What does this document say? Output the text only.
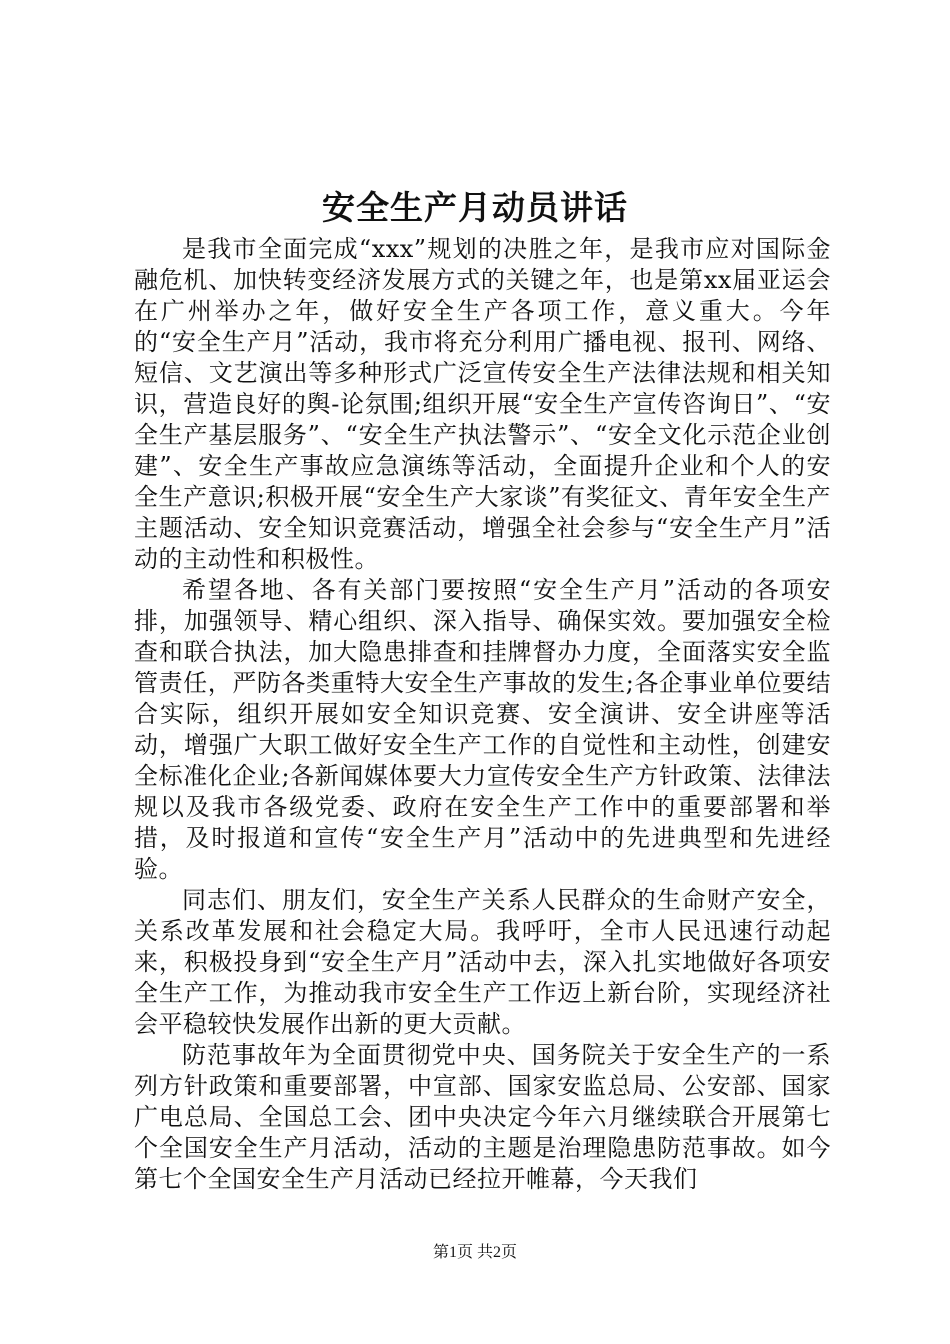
安全生产月动员讲话

是我市全面完成“xxx”规划的决胜之年，是我市应对国际金融危机、加快转变经济发展方式的关键之年，也是第xx届亚运会在广州举办之年，做好安全生产各项工作，意义重大。今年的“安全生产月”活动，我市将充分利用广播电视、报刊、网络、短信、文艺演出等多种形式广泛宣传安全生产法律法规和相关知识，营造良好的舆-论氛围;组织开展“安全生产宣传咨询日”、“安全生产基层服务”、“安全生产执法警示”、“安全文化示范企业创建”、安全生产事故应急演练等活动，全面提升企业和个人的安全生产意识;积极开展“安全生产大家谈”有奖征文、青年安全生产主题活动、安全知识竞赛活动，增强全社会参与“安全生产月”活动的主动性和积极性。

希望各地、各有关部门要按照“安全生产月”活动的各项安排，加强领导、精心组织、深入指导、确保实效。要加强安全检查和联合执法，加大隐患排查和挂牌督办力度，全面落实安全监管责任，严防各类重特大安全生产事故的发生;各企事业单位要结合实际，组织开展如安全知识竞赛、安全演讲、安全讲座等活动，增强广大职工做好安全生产工作的自觉性和主动性，创建安全标准化企业;各新闻媒体要大力宣传安全生产方针政策、法律法规以及我市各级党委、政府在安全生产工作中的重要部署和举措，及时报道和宣传“安全生产月”活动中的先进典型和先进经验。

同志们、朋友们，安全生产关系人民群众的生命财产安全，关系改革发展和社会稳定大局。我呼吁，全市人民迅速行动起来，积极投身到“安全生产月”活动中去，深入扎实地做好各项安全生产工作，为推动我市安全生产工作迈上新台阶，实现经济社会平稳较快发展作出新的更大贡献。

防范事故年为全面贯彻党中央、国务院关于安全生产的一系列方针政策和重要部署，中宣部、国家安监总局、公安部、国家广电总局、全国总工会、团中央决定今年六月继续联合开展第七个全国安全生产月活动，活动的主题是治理隐患防范事故。如今第七个全国安全生产月活动已经拉开帷幕，今天我们

第1页 共2页
